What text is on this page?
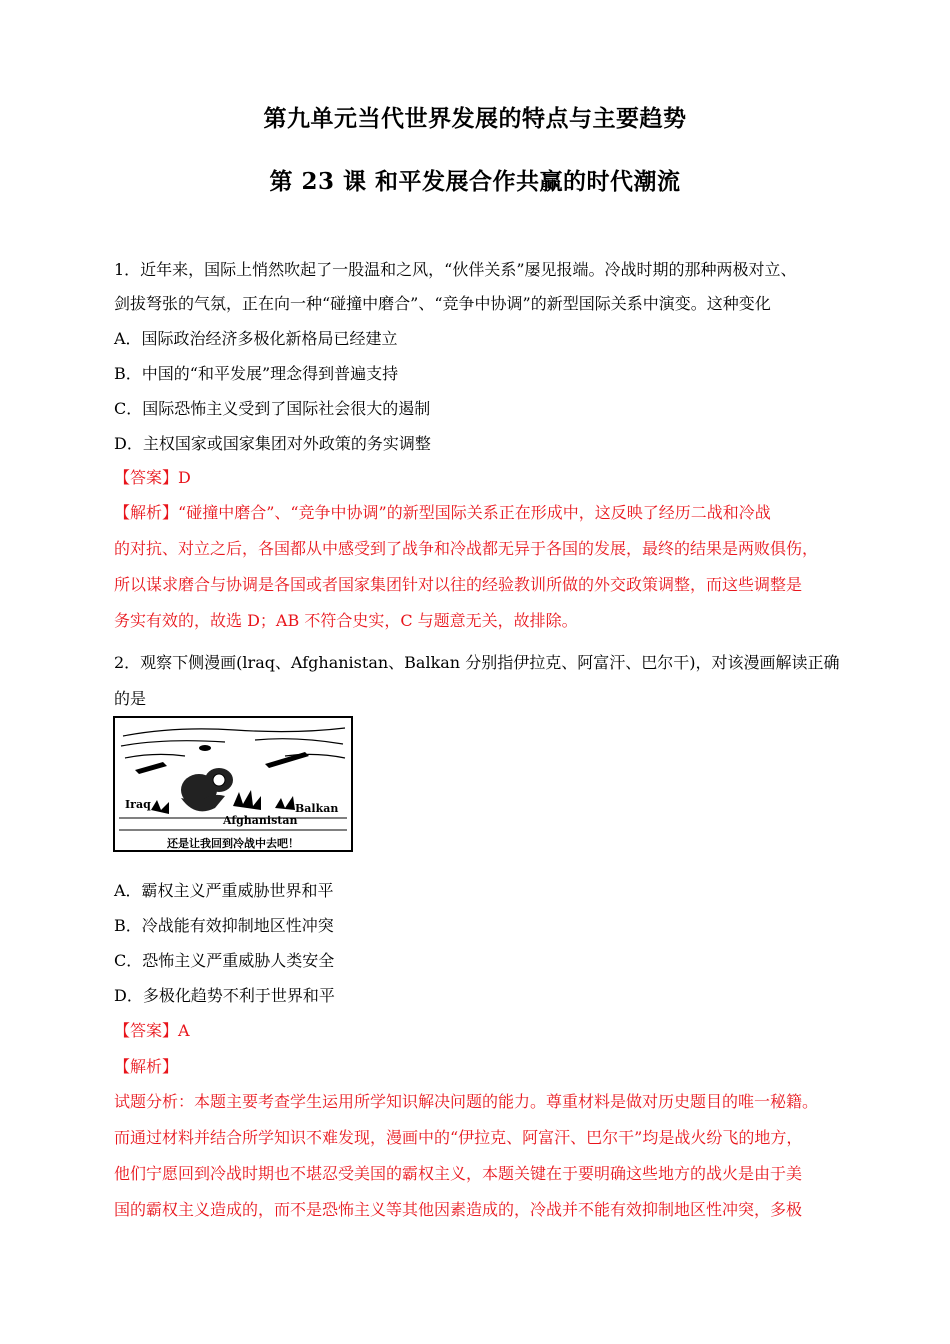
第九单元当代世界发展的特点与主要趋势
第 23 课 和平发展合作共赢的时代潮流
1．近年来，国际上悄然吹起了一股温和之风，“伙伴关系”屡见报端。冷战时期的那种两极对立、
剑拔弩张的气氛，正在向一种“碰撞中磨合”、“竞争中协调”的新型国际关系中演变。这种变化
A．国际政治经济多极化新格局已经建立
B．中国的“和平发展”理念得到普遍支持
C．国际恐怖主义受到了国际社会很大的遏制
D．主权国家或国家集团对外政策的务实调整
【答案】D
【解析】“碰撞中磨合”、“竞争中协调”的新型国际关系正在形成中，这反映了经历二战和冷战
的对抗、对立之后，各国都从中感受到了战争和冷战都无异于各国的发展，最终的结果是两败俱伤，
所以谋求磨合与协调是各国或者国家集团针对以往的经验教训所做的外交政策调整，而这些调整是
务实有效的，故选 D；AB 不符合史实，C 与题意无关，故排除。
2．观察下侧漫画(lraq、Afghanistan、Balkan 分别指伊拉克、阿富汗、巴尔干)，对该漫画解读正确
的是
Iraq
Afghanistan
Balkan
还是让我回到冷战中去吧！
A．霸权主义严重威胁世界和平
B．冷战能有效抑制地区性冲突
C．恐怖主义严重威胁人类安全
D．多极化趋势不利于世界和平
【答案】A
【解析】
试题分析：本题主要考查学生运用所学知识解决问题的能力。尊重材料是做对历史题目的唯一秘籍。
而通过材料并结合所学知识不难发现，漫画中的“伊拉克、阿富汗、巴尔干”均是战火纷飞的地方，
他们宁愿回到冷战时期也不堪忍受美国的霸权主义，本题关键在于要明确这些地方的战火是由于美
国的霸权主义造成的，而不是恐怖主义等其他因素造成的，冷战并不能有效抑制地区性冲突，多极
